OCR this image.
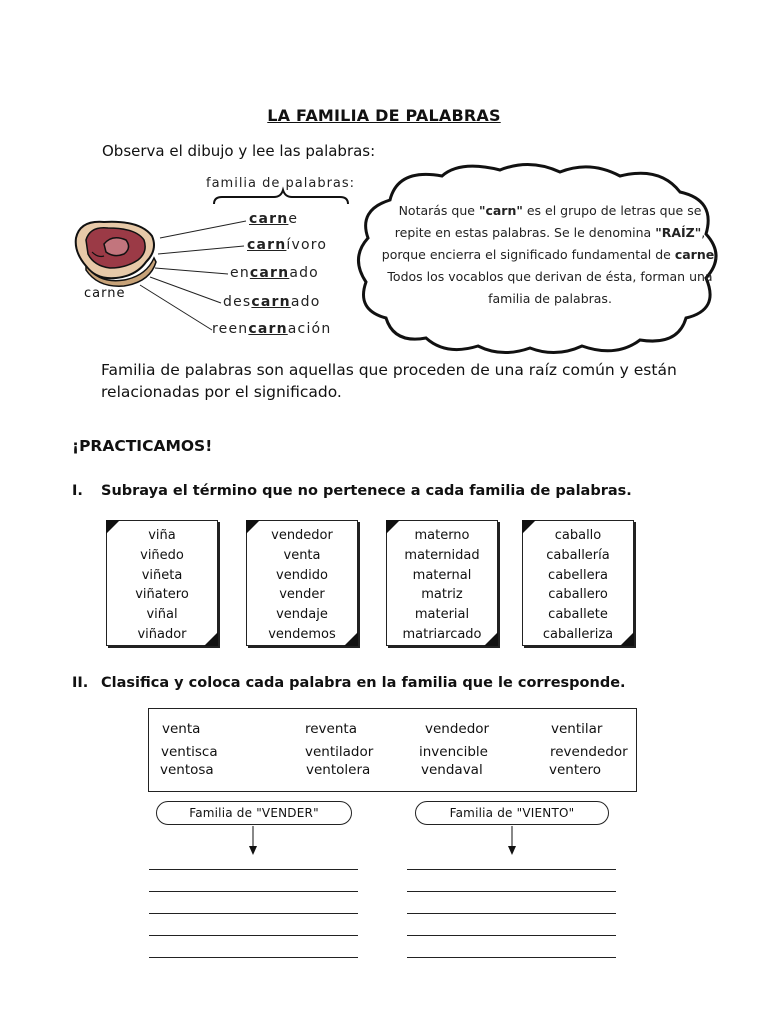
LA FAMILIA DE PALABRAS
Observa el dibujo y lee las palabras:
familia de palabras:
carne
carne
carnívoro
encarnado
descarnado
reencarnación
Notarás que "carn" es el grupo de letras que se repite en estas palabras. Se le denomina "RAÍZ", porque encierra el significado fundamental de carne. Todos los vocablos que derivan de ésta, forman una familia de palabras.
Familia de palabras son aquellas que proceden de una raíz común y están relacionadas por el significado.
¡PRACTICAMOS!
I. Subraya el término que no pertenece a cada familia de palabras.
viña
viñedo
viñeta
viñatero
viñal
viñador
vendedor
venta
vendido
vender
vendaje
vendemos
materno
maternidad
maternal
matriz
material
matriarcado
caballo
caballería
cabellera
caballero
caballete
caballeriza
II. Clasifica y coloca cada palabra en la familia que le corresponde.
venta	reventa	vendedor	ventilar
ventisca	ventilador	invencible	revendedor
ventosa	ventolera	vendaval	ventero
Familia de "VENDER"	Familia de "VIENTO"
